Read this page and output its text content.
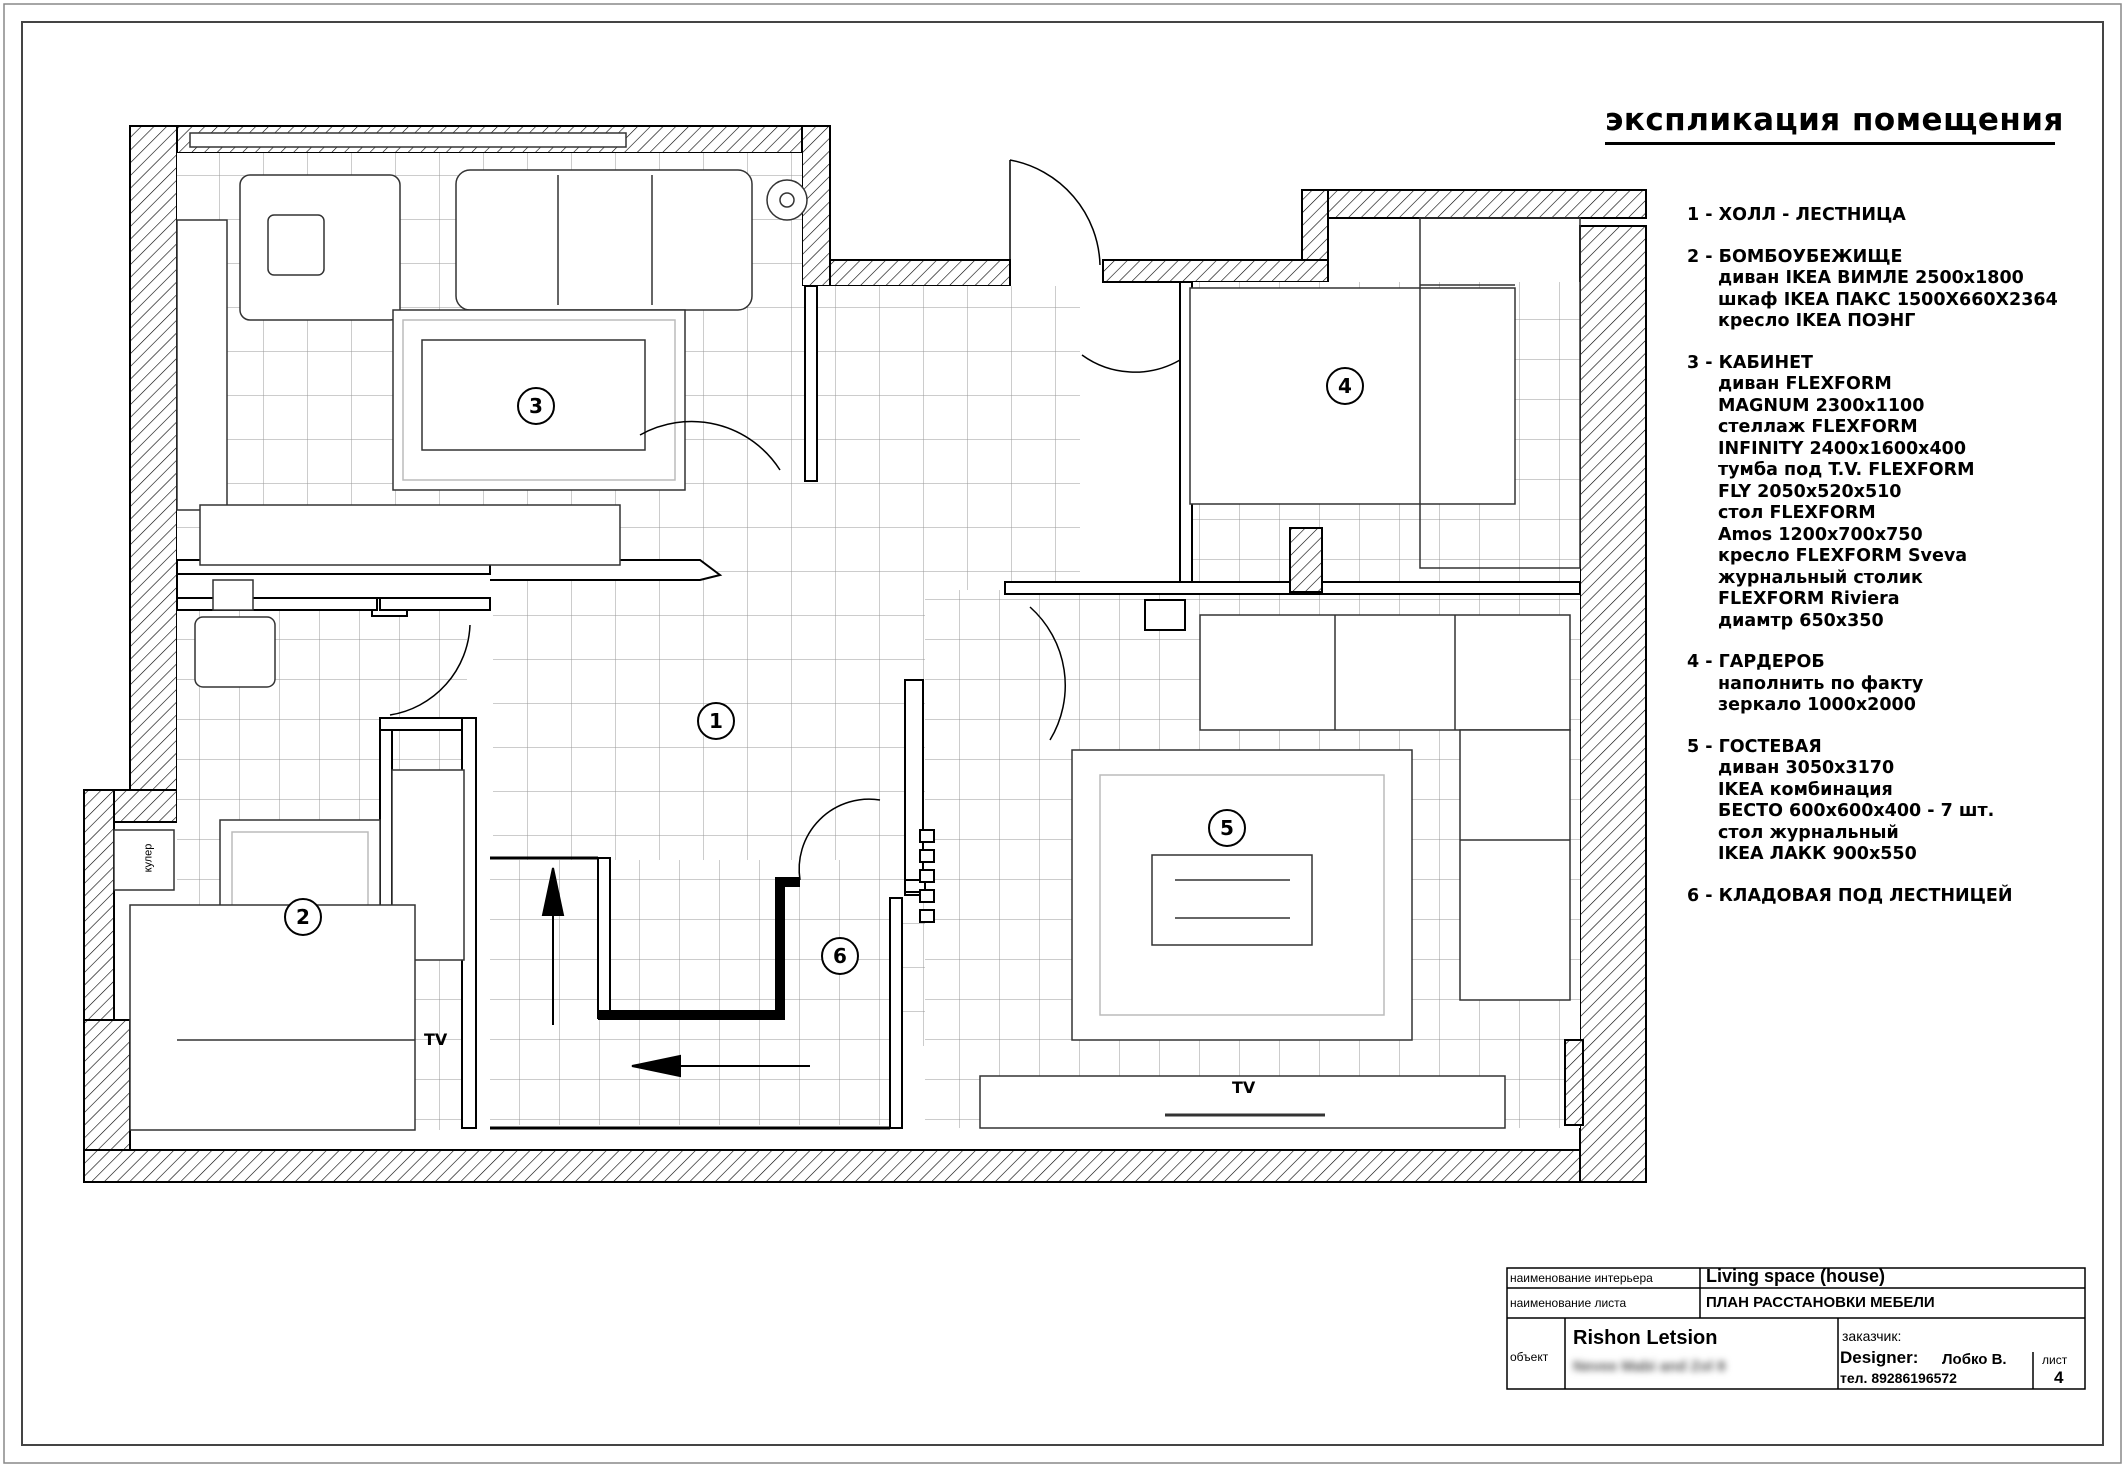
1
2
3
4
5
6
TV
TV
кулер
экспликация помещения
1 - ХОЛЛ - ЛЕСТНИЦА
2 - БОМБОУБЕЖИЩЕ
диван IKEA ВИМЛЕ 2500x1800
шкаф IKEA ПАКС 1500X660X2364
кресло IKEA ПОЭНГ
3 - КАБИНЕТ
диван FLEXFORM
MAGNUM 2300x1100
стеллаж FLEXFORM
INFINITY 2400x1600x400
тумба под T.V. FLEXFORM
FLY 2050x520x510
стол FLEXFORM
Amos 1200x700x750
кресло FLEXFORM Sveva
журнальный столик
FLEXFORM Riviera
диамтр 650x350
4 - ГАРДЕРОБ
наполнить по факту
зеркало 1000x2000
5 - ГОСТЕВАЯ
диван 3050x3170
IKEA комбинация
БЕСТО 600x600x400 - 7 шт.
стол журнальный
IKEA ЛАКК 900x550
6 - КЛАДОВАЯ ПОД ЛЕСТНИЦЕЙ
наименование интерьера	Living space (house)
наименование листа	ПЛАН РАССТАНОВКИ МЕБЕЛИ
объект
Rishon Letsion
Nevee Mabi and Zol 8
заказчик:
Designer: Лобко В.
тел. 89286196572
лист
4
